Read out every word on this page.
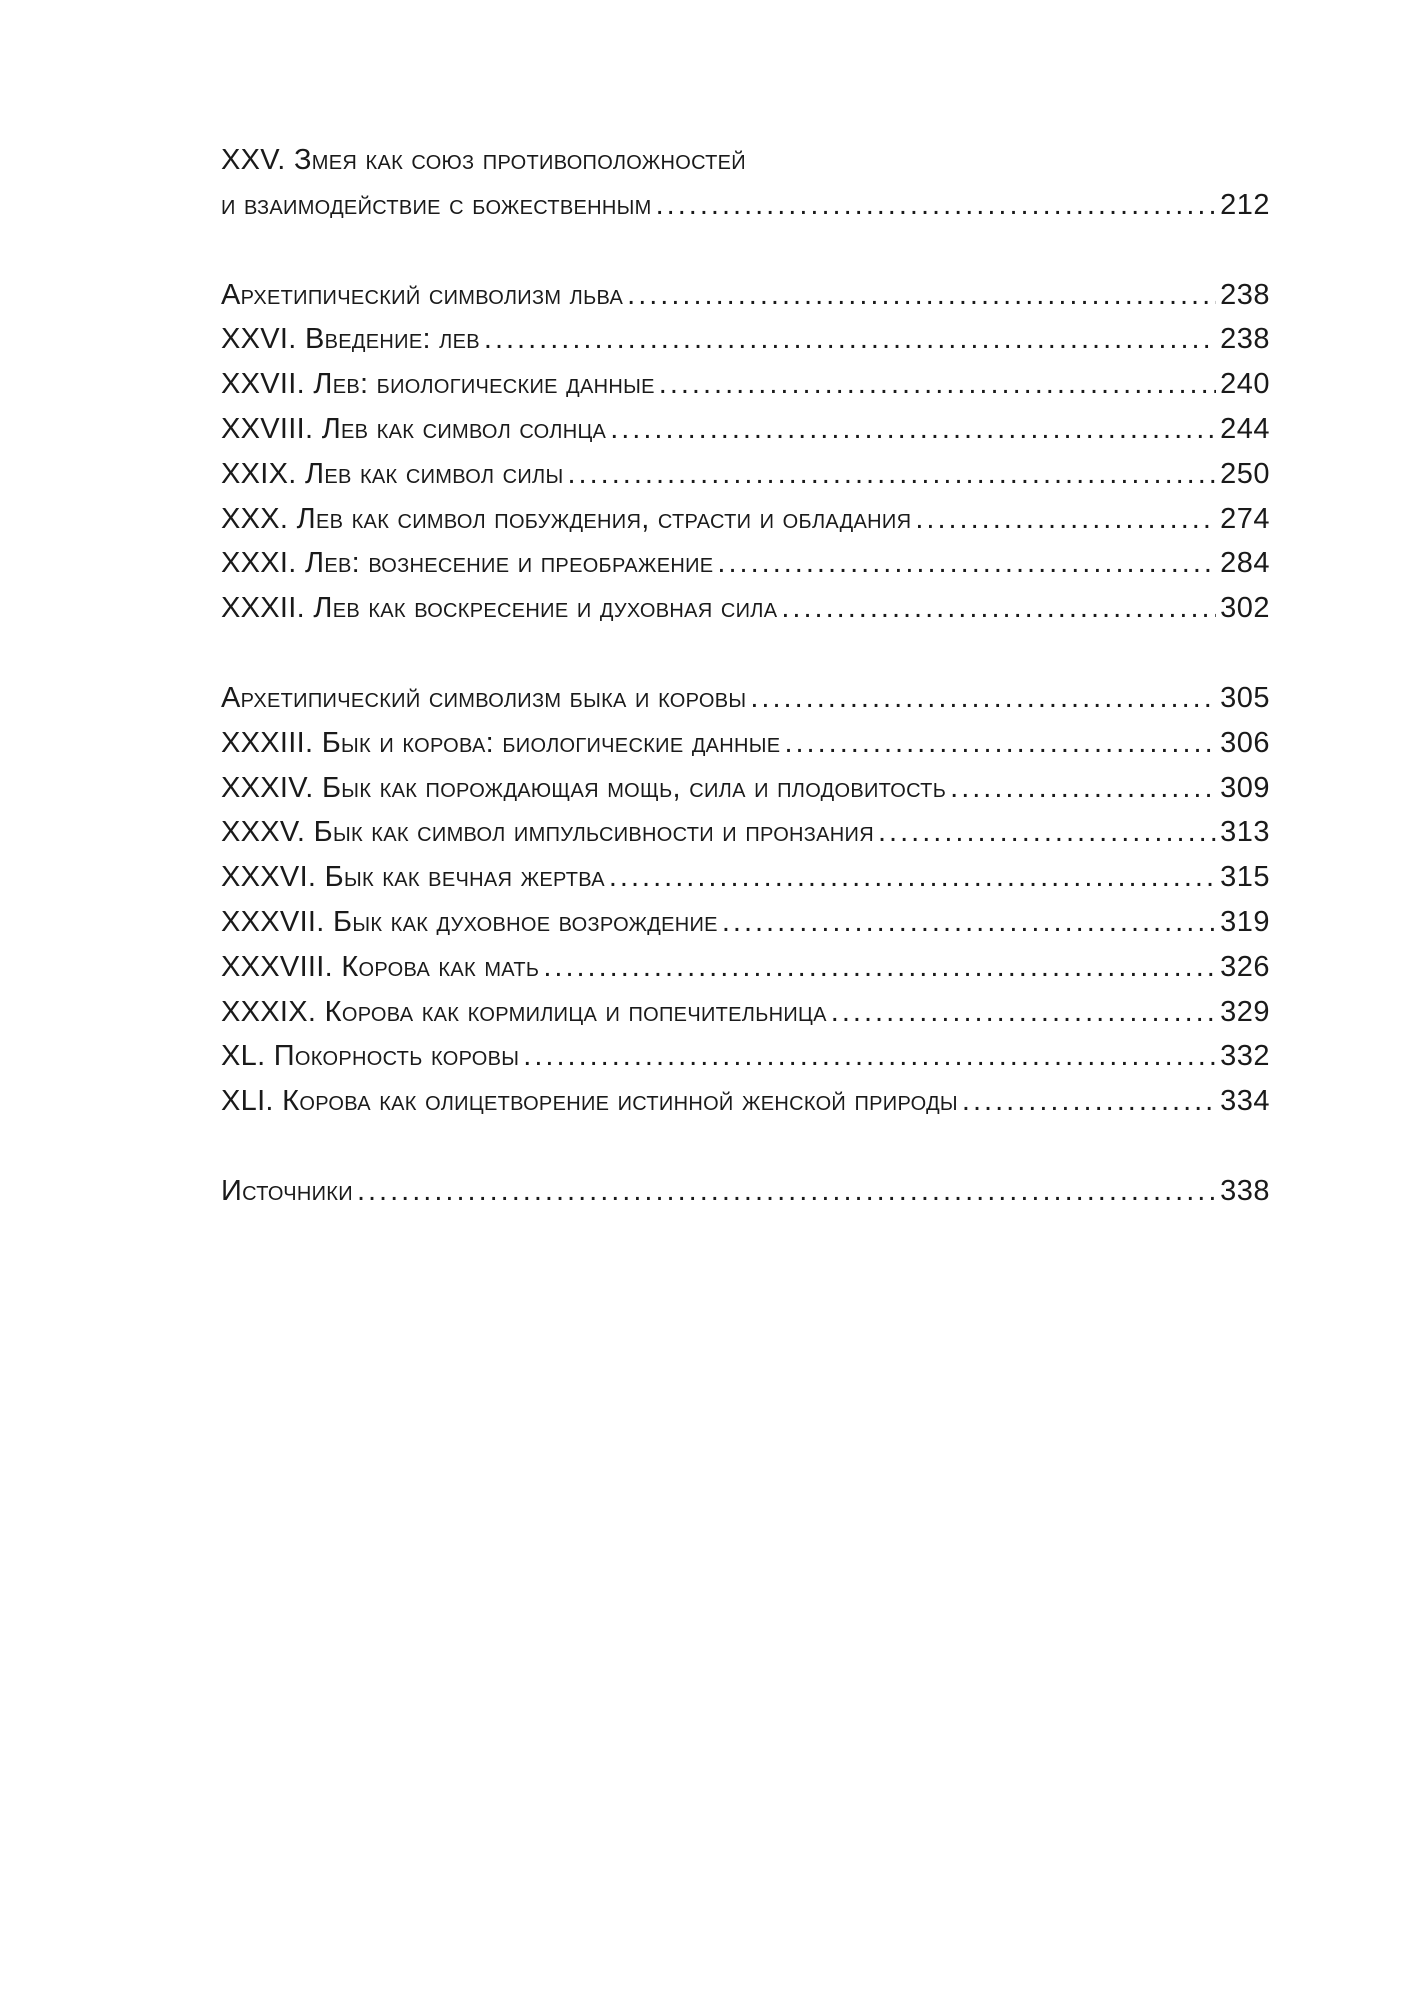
XXV. Змея как союз противоположностей
и взаимодействие с божественным .....	212
Архетипический символизм льва .....	238
XXVI. Введение: лев .....	238
XXVII. Лев: биологические данные .....	240
XXVIII. Лев как символ солнца .....	244
XXIX. Лев как символ силы .....	250
XXX. Лев как символ побуждения, страсти и обладания .....	274
XXXI. Лев: вознесение и преображение .....	284
XXXII. Лев как воскресение и духовная сила .....	302
Архетипический символизм быка и коровы .....	305
XXXIII. Бык и корова: биологические данные .....	306
XXXIV. Бык как порождающая мощь, сила и плодовитость .....	309
XXXV. Бык как символ импульсивности и пронзания .....	313
XXXVI. Бык как вечная жертва .....	315
XXXVII. Бык как духовное возрождение .....	319
XXXVIII. Корова как мать .....	326
XXXIX. Корова как кормилица и попечительница .....	329
XL. Покорность коровы .....	332
XLI. Корова как олицетворение истинной женской природы .....	334
Источники .....	338
